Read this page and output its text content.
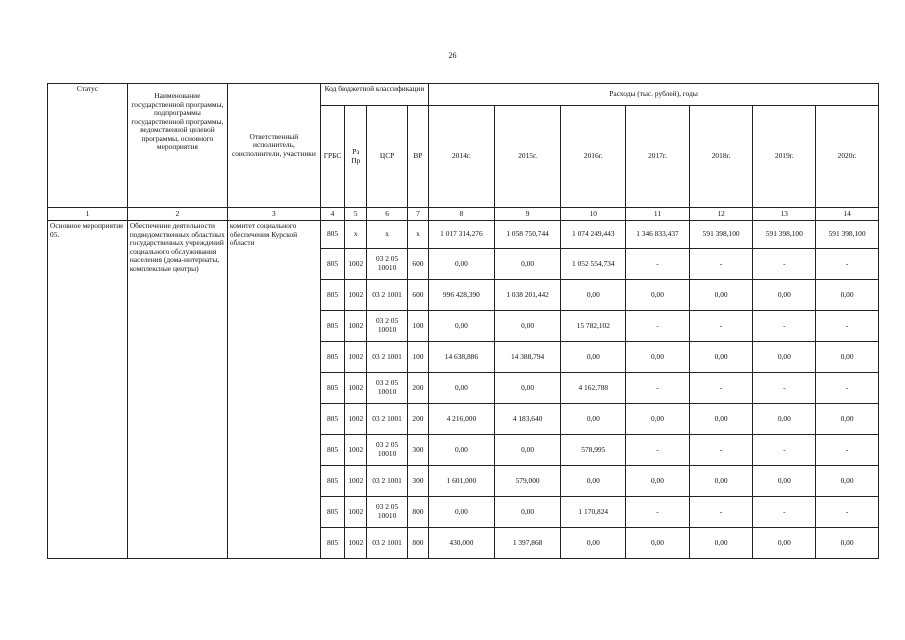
26
Статус	Наименование государственной программы, подпрограммы государственной программы, ведомственной целевой программы, основного мероприятия	Ответственный исполнитель, соисполнители, участники	Код бюджетной классификации				Расходы (тыс. рублей), годы						
			ГРБС	Рз Пр	ЦСР	ВР	2014г.	2015г.	2016г.	2017г.	2018г.	2019г.	2020г.
1	2	3	4	5	6	7	8	9	10	11	12	13	14
Основное мероприятие 05.	Обеспечение деятельности подведомственных областных государственных учреждений социального обслуживания населения (дома-интернаты, комплексные центры)	комитет социального обеспечения Курской области	805	х	х	х	1 017 314,276	1 058 750,744	1 074 249,443	1 346 833,437	591 398,100	591 398,100	591 398,100
			805	1002	03 2 05 10010	600	0,00	0,00	1 052 554,734	-	-	-	-
			805	1002	03 2 1001	600	996 428,390	1 038 201,442	0,00	0,00	0,00	0,00	0,00
			805	1002	03 2 05 10010	100	0,00	0,00	15 782,102	-	-	-	-
			805	1002	03 2 1001	100	14 638,886	14 388,794	0,00	0,00	0,00	0,00	0,00
			805	1002	03 2 05 10010	200	0,00	0,00	4 162,788	-	-	-	-
			805	1002	03 2 1001	200	4 216,000	4 183,640	0,00	0,00	0,00	0,00	0,00
			805	1002	03 2 05 10010	300	0,00	0,00	578,995	-	-	-	-
			805	1002	03 2 1001	300	1 601,000	579,000	0,00	0,00	0,00	0,00	0,00
			805	1002	03 2 05 10010	800	0,00	0,00	1 170,824	-	-	-	-
			805	1002	03 2 1001	800	430,000	1 397,868	0,00	0,00	0,00	0,00	0,00
